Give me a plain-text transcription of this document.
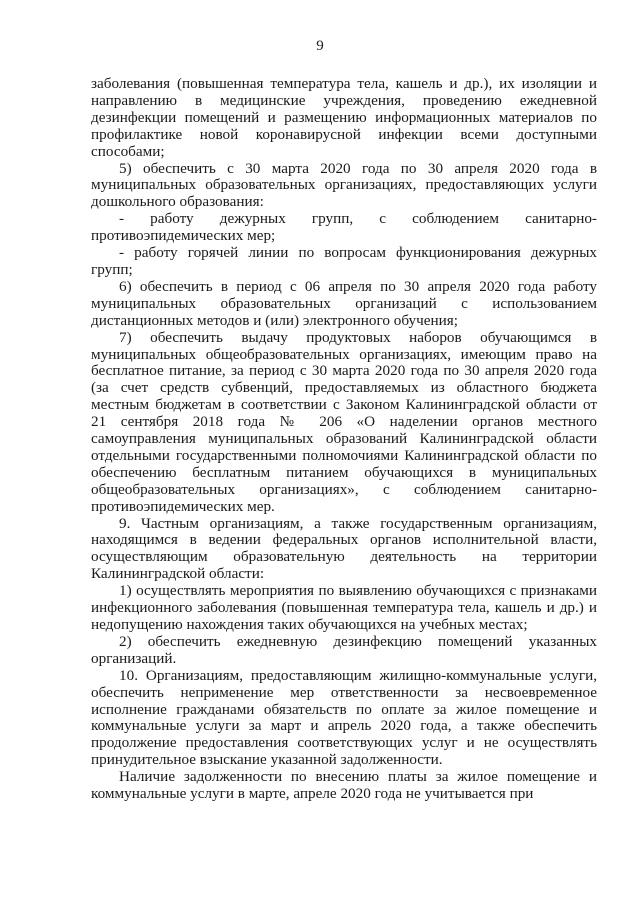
9

заболевания (повышенная температура тела, кашель и др.), их изоляции и направлению в медицинские учреждения, проведению ежедневной дезинфекции помещений и размещению информационных материалов по профилактике новой коронавирусной инфекции всеми доступными способами;

5) обеспечить с 30 марта 2020 года по 30 апреля 2020 года в муниципальных образовательных организациях, предоставляющих услуги дошкольного образования:

- работу дежурных групп, с соблюдением санитарно-противоэпидемических мер;

- работу горячей линии по вопросам функционирования дежурных групп;

6) обеспечить в период с 06 апреля по 30 апреля 2020 года работу муниципальных образовательных организаций с использованием дистанционных методов и (или) электронного обучения;

7) обеспечить выдачу продуктовых наборов обучающимся в муниципальных общеобразовательных организациях, имеющим право на бесплатное питание, за период с 30 марта 2020 года по 30 апреля 2020 года (за счет средств субвенций, предоставляемых из областного бюджета местным бюджетам в соответствии с Законом Калининградской области от 21 сентября 2018 года № 206 «О наделении органов местного самоуправления муниципальных образований Калининградской области отдельными государственными полномочиями Калининградской области по обеспечению бесплатным питанием обучающихся в муниципальных общеобразовательных организациях», с соблюдением санитарно-противоэпидемических мер.

9. Частным организациям, а также государственным организациям, находящимся в ведении федеральных органов исполнительной власти, осуществляющим образовательную деятельность на территории Калининградской области:

1) осуществлять мероприятия по выявлению обучающихся с признаками инфекционного заболевания (повышенная температура тела, кашель и др.) и недопущению нахождения таких обучающихся на учебных местах;

2) обеспечить ежедневную дезинфекцию помещений указанных организаций.

10. Организациям, предоставляющим жилищно-коммунальные услуги, обеспечить неприменение мер ответственности за несвоевременное исполнение гражданами обязательств по оплате за жилое помещение и коммунальные услуги за март и апрель 2020 года, а также обеспечить продолжение предоставления соответствующих услуг и не осуществлять принудительное взыскание указанной задолженности.

Наличие задолженности по внесению платы за жилое помещение и коммунальные услуги в марте, апреле 2020 года не учитывается при
